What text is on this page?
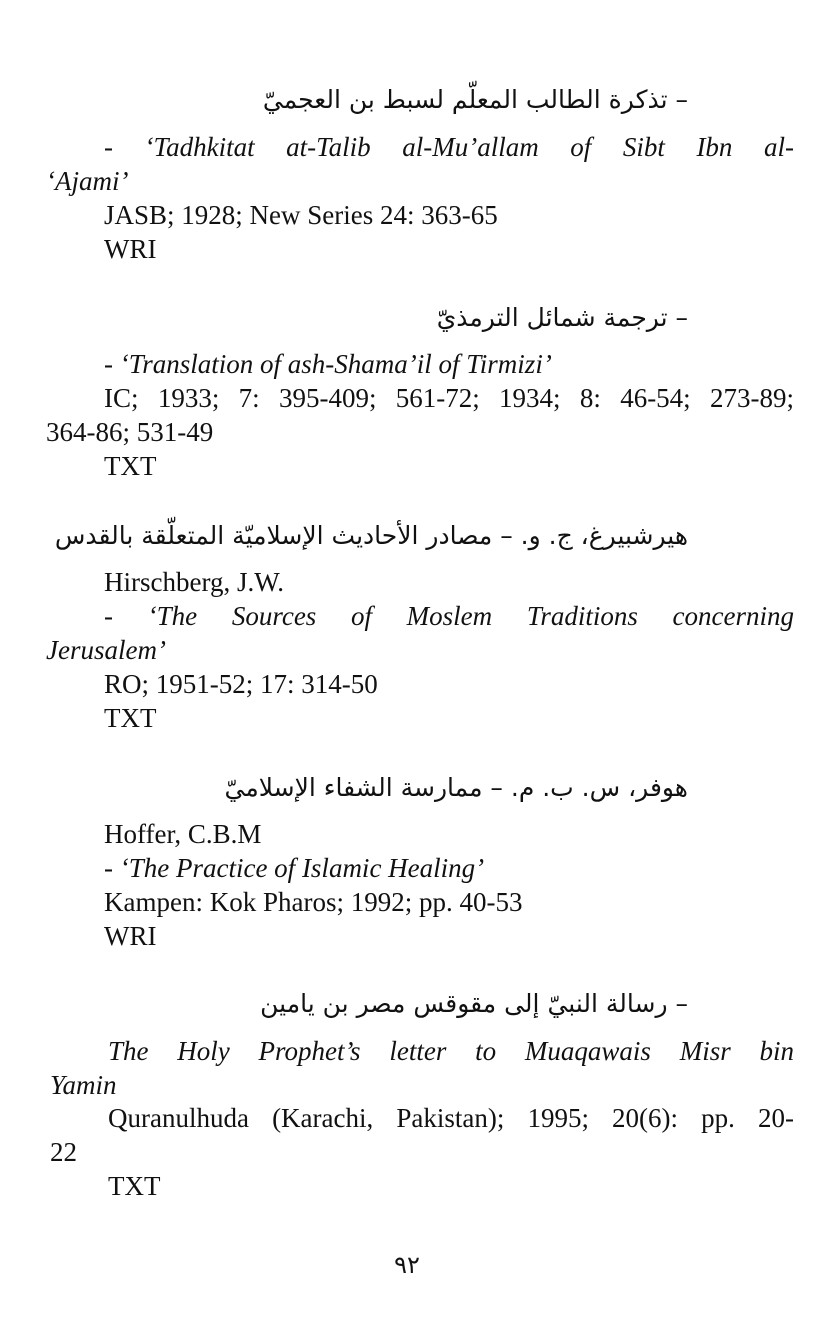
– تذكرة الطالب المعلّم لسبط بن العجميّ
- ‘Tadhkitat at-Talib al-Mu’allam of Sibt Ibn al-
‘Ajami’
JASB; 1928; New Series 24: 363-65
WRI
– ترجمة شمائل الترمذيّ
- ‘Translation of ash-Shama’il of Tirmizi’
IC; 1933; 7: 395-409; 561-72; 1934; 8: 46-54; 273-89;
364-86; 531-49
TXT
هيرشبيرغ، ج. و. – مصادر الأحاديث الإسلاميّة المتعلّقة بالقدس
Hirschberg, J.W.
- ‘The Sources of Moslem Traditions concerning
Jerusalem’
RO; 1951-52; 17: 314-50
TXT
هوفر، س. ب. م. – ممارسة الشفاء الإسلاميّ
Hoffer, C.B.M
- ‘The Practice of Islamic Healing’
Kampen: Kok Pharos; 1992; pp. 40-53
WRI
– رسالة النبيّ إلى مقوقس مصر بن يامين
The Holy Prophet’s letter to Muaqawais Misr bin
Yamin
Quranulhuda (Karachi, Pakistan); 1995; 20(6): pp. 20-
22
TXT
٩٢
